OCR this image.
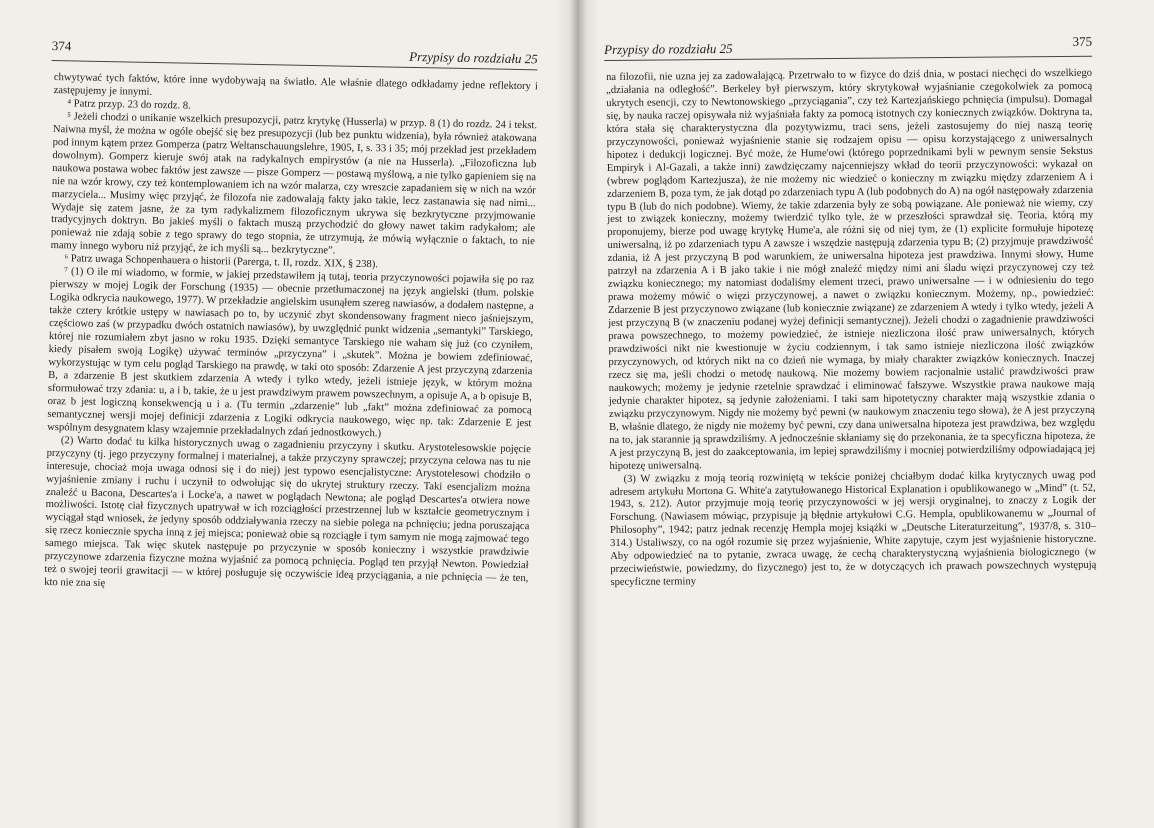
374
Przypisy do rozdziału 25

chwytywać tych faktów, które inne wydobywają na światło. Ale właśnie dlatego odkładamy jedne reflektory i zastępujemy je innymi.

⁴ Patrz przyp. 23 do rozdz. 8.

⁵ Jeżeli chodzi o unikanie wszelkich presupozycji, patrz krytykę (Husserla) w przyp. 8 (1) do rozdz. 24 i tekst. Naiwna myśl, że można w ogóle obejść się bez presupozycji (lub bez punktu widzenia), była również atakowana pod innym kątem przez Gomperza (patrz Weltanschauungslehre, 1905, I, s. 33 i 35; mój przekład jest przekładem dowolnym). Gomperz kieruje swój atak na radykalnych empirystów (a nie na Husserla). „Filozoficzna lub naukowa postawa wobec faktów jest zawsze — pisze Gomperz — postawą myślową, a nie tylko gapieniem się na nie na wzór krowy, czy też kontemplowaniem ich na wzór malarza, czy wreszcie zapadaniem się w nich na wzór marzyciela... Musimy więc przyjąć, że filozofa nie zadowalają fakty jako takie, lecz zastanawia się nad nimi... Wydaje się zatem jasne, że za tym radykalizmem filozoficznym ukrywa się bezkrytyczne przyjmowanie tradycyjnych doktryn. Bo jakieś myśli o faktach muszą przychodzić do głowy nawet takim radykałom; ale ponieważ nie zdają sobie z tego sprawy do tego stopnia, że utrzymują, że mówią wyłącznie o faktach, to nie mamy innego wyboru niż przyjąć, że ich myśli są... bezkrytyczne”.

⁶ Patrz uwaga Schopenhauera o historii (Parerga, t. II, rozdz. XIX, § 238).

⁷ (1) O ile mi wiadomo, w formie, w jakiej przedstawiłem ją tutaj, teoria przyczynowości pojawiła się po raz pierwszy w mojej Logik der Forschung (1935) — obecnie przetłumaczonej na język angielski (tłum. polskie Logika odkrycia naukowego, 1977). W przekładzie angielskim usunąłem szereg nawiasów, a dodałem następne, a także cztery krótkie ustępy w nawiasach po to, by uczynić zbyt skondensowany fragment nieco jaśniejszym, częściowo zaś (w przypadku dwóch ostatnich nawiasów), by uwzględnić punkt widzenia „semantyki” Tarskiego, której nie rozumiałem zbyt jasno w roku 1935. Dzięki semantyce Tarskiego nie waham się już (co czyniłem, kiedy pisałem swoją Logikę) używać terminów „przyczyna” i „skutek”. Można je bowiem zdefiniować, wykorzystując w tym celu pogląd Tarskiego na prawdę, w taki oto sposób: Zdarzenie A jest przyczyną zdarzenia B, a zdarzenie B jest skutkiem zdarzenia A wtedy i tylko wtedy, jeżeli istnieje język, w którym można sformułować trzy zdania: u, a i b, takie, że u jest prawdziwym prawem powszechnym, a opisuje A, a b opisuje B, oraz b jest logiczną konsekwencją u i a. (Tu termin „zdarzenie” lub „fakt” można zdefiniować za pomocą semantycznej wersji mojej definicji zdarzenia z Logiki odkrycia naukowego, więc np. tak: Zdarzenie E jest wspólnym desygnatem klasy wzajemnie przekładalnych zdań jednostkowych.)

(2) Warto dodać tu kilka historycznych uwag o zagadnieniu przyczyny i skutku. Arystotelesowskie pojęcie przyczyny (tj. jego przyczyny formalnej i materialnej, a także przyczyny sprawczej; przyczyna celowa nas tu nie interesuje, chociaż moja uwaga odnosi się i do niej) jest typowo esencjalistyczne: Arystotelesowi chodziło o wyjaśnienie zmiany i ruchu i uczynił to odwołując się do ukrytej struktury rzeczy. Taki esencjalizm można znaleźć u Bacona, Descartes'a i Locke'a, a nawet w poglądach Newtona; ale pogląd Descartes'a otwiera nowe możliwości. Istotę ciał fizycznych upatrywał w ich rozciągłości przestrzennej lub w kształcie geometrycznym i wyciągał stąd wniosek, że jedyny sposób oddziaływania rzeczy na siebie polega na pchnięciu; jedna poruszająca się rzecz koniecznie spycha inną z jej miejsca; ponieważ obie są rozciągłe i tym samym nie mogą zajmować tego samego miejsca. Tak więc skutek następuje po przyczynie w sposób konieczny i wszystkie prawdziwie przyczynowe zdarzenia fizyczne można wyjaśnić za pomocą pchnięcia. Pogląd ten przyjął Newton. Powiedział też o swojej teorii grawitacji — w której posługuje się oczywiście ideą przyciągania, a nie pchnięcia — że ten, kto nie zna się

Przypisy do rozdziału 25	375

na filozofii, nie uzna jej za zadowalającą. Przetrwało to w fizyce do dziś dnia, w postaci niechęci do wszelkiego „działania na odległość”. Berkeley był pierwszym, który skrytykował wyjaśnianie czegokolwiek za pomocą ukrytych esencji, czy to Newtonowskiego „przyciągania”, czy też Kartezjańskiego pchnięcia (impulsu). Domagał się, by nauka raczej opisywała niż wyjaśniała fakty za pomocą istotnych czy koniecznych związków. Doktryna ta, która stała się charakterystyczna dla pozytywizmu, traci sens, jeżeli zastosujemy do niej naszą teorię przyczynowości, ponieważ wyjaśnienie stanie się rodzajem opisu — opisu korzystającego z uniwersalnych hipotez i dedukcji logicznej. Być może, że Hume'owi (którego poprzednikami byli w pewnym sensie Sekstus Empiryk i Al-Gazali, a także inni) zawdzięczamy najcenniejszy wkład do teorii przyczynowości: wykazał on (wbrew poglądom Kartezjusza), że nie możemy nic wiedzieć o konieczny m związku między zdarzeniem A i zdarzeniem B, poza tym, że jak dotąd po zdarzeniach typu A (lub podobnych do A) na ogół następowały zdarzenia typu B (lub do nich podobne). Wiemy, że takie zdarzenia były ze sobą powiązane. Ale ponieważ nie wiemy, czy jest to związek konieczny, możemy twierdzić tylko tyle, że w przeszłości sprawdzał się. Teoria, którą my proponujemy, bierze pod uwagę krytykę Hume'a, ale różni się od niej tym, że (1) explicite formułuje hipotezę uniwersalną, iż po zdarzeniach typu A zawsze i wszędzie następują zdarzenia typu B; (2) przyjmuje prawdziwość zdania, iż A jest przyczyną B pod warunkiem, że uniwersalna hipoteza jest prawdziwa. Innymi słowy, Hume patrzył na zdarzenia A i B jako takie i nie mógł znaleźć między nimi ani śladu więzi przyczynowej czy też związku koniecznego; my natomiast dodaliśmy element trzeci, prawo uniwersalne — i w odniesieniu do tego prawa możemy mówić o więzi przyczynowej, a nawet o związku koniecznym. Możemy, np., powiedzieć: Zdarzenie B jest przyczynowo związane (lub koniecznie związane) ze zdarzeniem A wtedy i tylko wtedy, jeżeli A jest przyczyną B (w znaczeniu podanej wyżej definicji semantycznej). Jeżeli chodzi o zagadnienie prawdziwości prawa powszechnego, to możemy powiedzieć, że istnieje niezliczona ilość praw uniwersalnych, których prawdziwości nikt nie kwestionuje w życiu codziennym, i tak samo istnieje niezliczona ilość związków przyczynowych, od których nikt na co dzień nie wymaga, by miały charakter związków koniecznych. Inaczej rzecz się ma, jeśli chodzi o metodę naukową. Nie możemy bowiem racjonalnie ustalić prawdziwości praw naukowych; możemy je jedynie rzetelnie sprawdzać i eliminować fałszywe. Wszystkie prawa naukowe mają jedynie charakter hipotez, są jedynie założeniami. I taki sam hipotetyczny charakter mają wszystkie zdania o związku przyczynowym. Nigdy nie możemy być pewni (w naukowym znaczeniu tego słowa), że A jest przyczyną B, właśnie dlatego, że nigdy nie możemy być pewni, czy dana uniwersalna hipoteza jest prawdziwa, bez względu na to, jak starannie ją sprawdziliśmy. A jednocześnie skłaniamy się do przekonania, że ta specyficzna hipoteza, że A jest przyczyną B, jest do zaakceptowania, im lepiej sprawdziliśmy i mocniej potwierdziliśmy odpowiadającą jej hipotezę uniwersalną.

(3) W związku z moją teorią rozwiniętą w tekście poniżej chciałbym dodać kilka krytycznych uwag pod adresem artykułu Mortona G. White'a zatytułowanego Historical Explanation i opublikowanego w „Mind” (t. 52, 1943, s. 212). Autor przyjmuje moją teorię przyczynowości w jej wersji oryginalnej, to znaczy z Logik der Forschung. (Nawiasem mówiąc, przypisuje ją błędnie artykułowi C.G. Hempla, opublikowanemu w „Journal of Philosophy”, 1942; patrz jednak recenzję Hempla mojej książki w „Deutsche Literaturzeitung”, 1937/8, s. 310–314.) Ustaliwszy, co na ogół rozumie się przez wyjaśnienie, White zapytuje, czym jest wyjaśnienie historyczne. Aby odpowiedzieć na to pytanie, zwraca uwagę, że cechą charakterystyczną wyjaśnienia biologicznego (w przeciwieństwie, powiedzmy, do fizycznego) jest to, że w dotyczących ich prawach powszechnych występują specyficzne terminy
